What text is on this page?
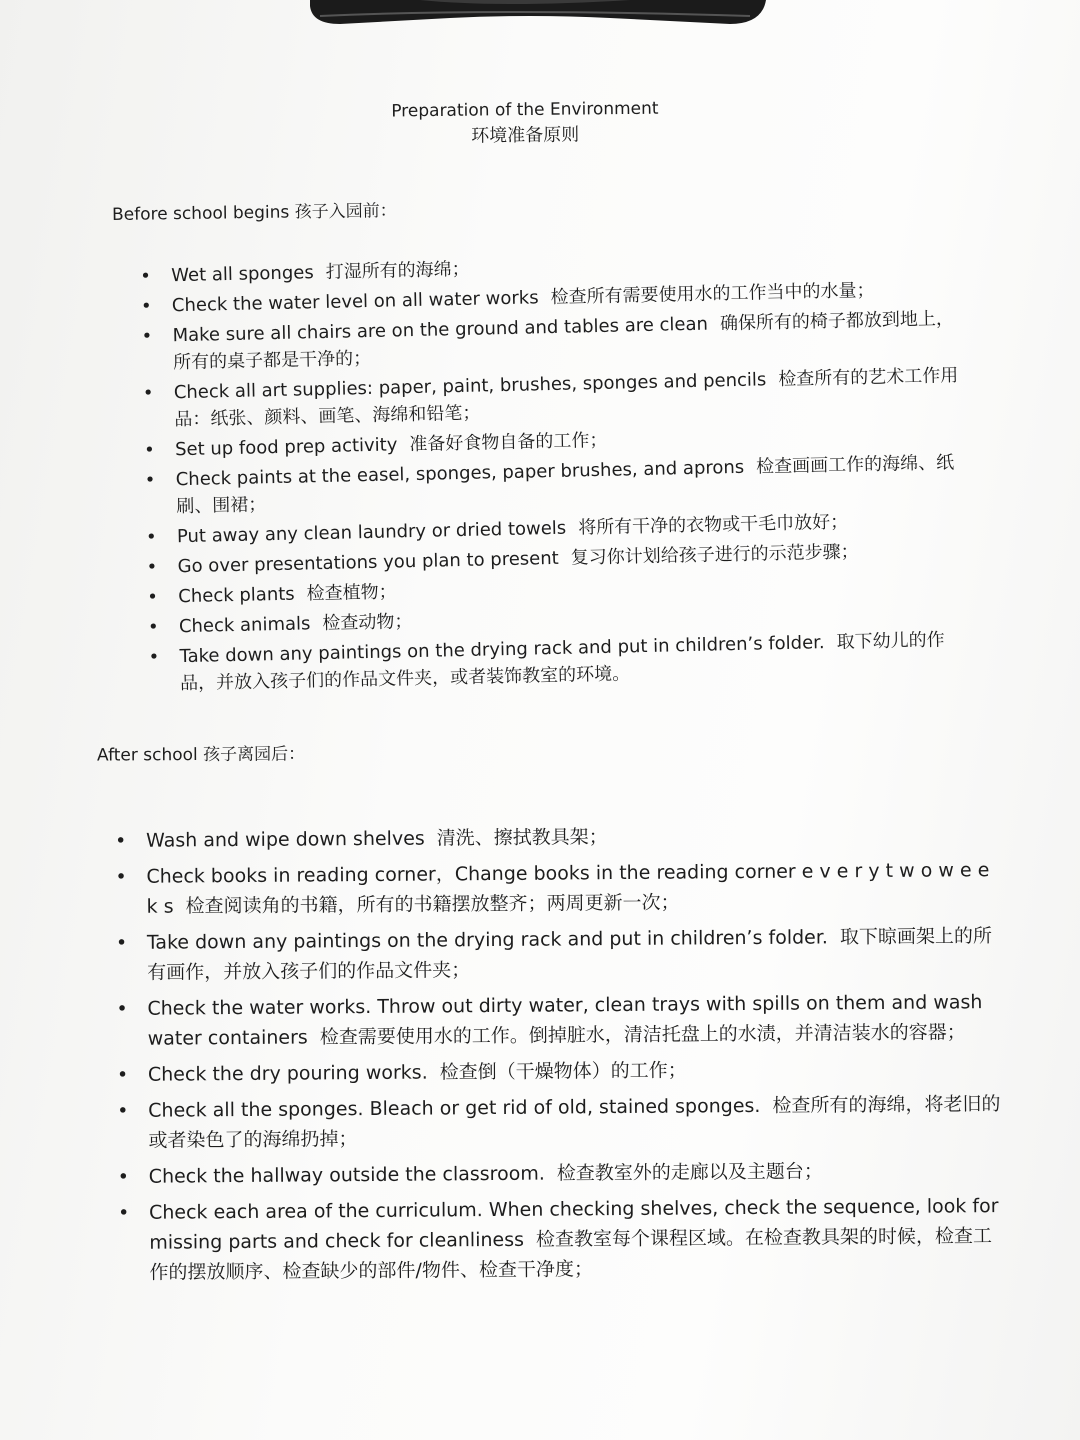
Preparation of the Environment
环境准备原则
Before school begins 孩子入园前：
• Wet all sponges 打湿所有的海绵；
• Check the water level on all water works 检查所有需要使用水的工作当中的水量；
• Make sure all chairs are on the ground and tables are clean 确保所有的椅子都放到地上，所有的桌子都是干净的；
• Check all art supplies: paper, paint, brushes, sponges and pencils 检查所有的艺术工作用品：纸张、颜料、画笔、海绵和铅笔；
• Set up food prep activity 准备好食物自备的工作；
• Check paints at the easel, sponges, paper brushes, and aprons 检查画画工作的海绵、纸刷、围裙；
• Put away any clean laundry or dried towels 将所有干净的衣物或干毛巾放好；
• Go over presentations you plan to present 复习你计划给孩子进行的示范步骤；
• Check plants 检查植物；
• Check animals 检查动物；
• Take down any paintings on the drying rack and put in children’s folder. 取下幼儿的作品，并放入孩子们的作品文件夹，或者装饰教室的环境。
After school 孩子离园后：
• Wash and wipe down shelves 清洗、擦拭教具架；
• Check books in reading corner，Change books in the reading corner e v e r y t w o w e e k s 检查阅读角的书籍，所有的书籍摆放整齐；两周更新一次；
• Take down any paintings on the drying rack and put in children’s folder. 取下晾画架上的所有画作，并放入孩子们的作品文件夹；
• Check the water works. Throw out dirty water, clean trays with spills on them and wash water containers 检查需要使用水的工作。倒掉脏水，清洁托盘上的水渍，并清洁装水的容器；
• Check the dry pouring works. 检查倒（干燥物体）的工作；
• Check all the sponges. Bleach or get rid of old, stained sponges. 检查所有的海绵，将老旧的或者染色了的海绵扔掉；
• Check the hallway outside the classroom. 检查教室外的走廊以及主题台；
• Check each area of the curriculum. When checking shelves, check the sequence, look for missing parts and check for cleanliness 检查教室每个课程区域。在检查教具架的时候，检查工作的摆放顺序、检查缺少的部件/物件、检查干净度；
